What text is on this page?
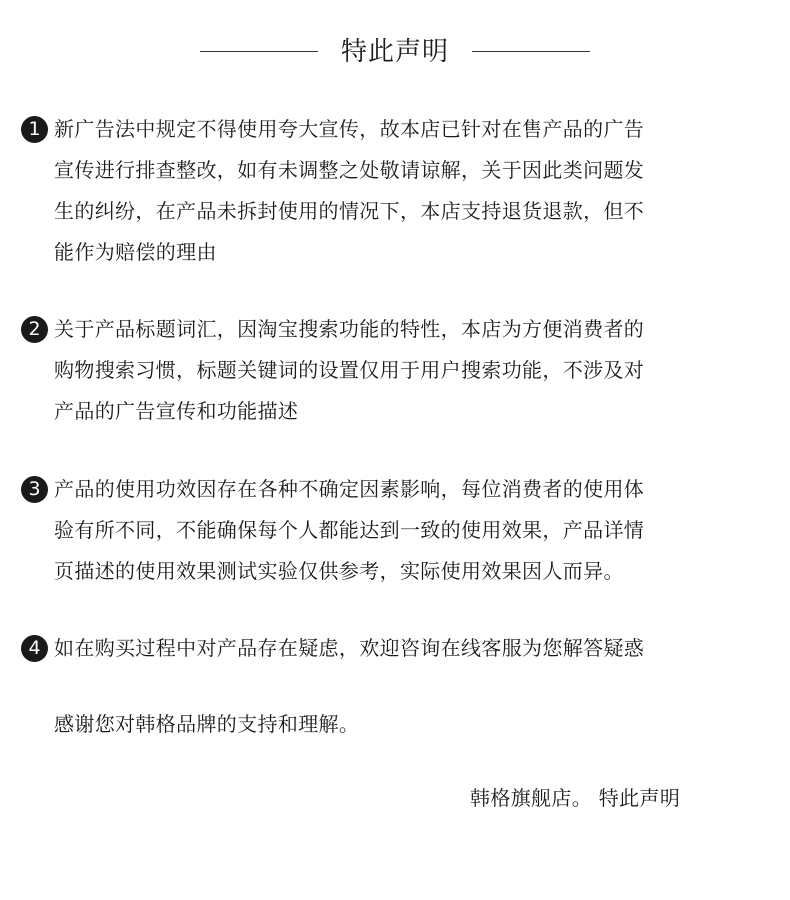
特此声明
1 新广告法中规定不得使用夸大宣传，故本店已针对在售产品的广告
宣传进行排查整改，如有未调整之处敬请谅解，关于因此类问题发
生的纠纷，在产品未拆封使用的情况下，本店支持退货退款，但不
能作为赔偿的理由
2 关于产品标题词汇，因淘宝搜索功能的特性，本店为方便消费者的
购物搜索习惯，标题关键词的设置仅用于用户搜索功能，不涉及对
产品的广告宣传和功能描述
3 产品的使用功效因存在各种不确定因素影响，每位消费者的使用体
验有所不同，不能确保每个人都能达到一致的使用效果，产品详情
页描述的使用效果测试实验仅供参考，实际使用效果因人而异。
4 如在购买过程中对产品存在疑虑，欢迎咨询在线客服为您解答疑惑
感谢您对韩格品牌的支持和理解。
韩格旗舰店。 特此声明
